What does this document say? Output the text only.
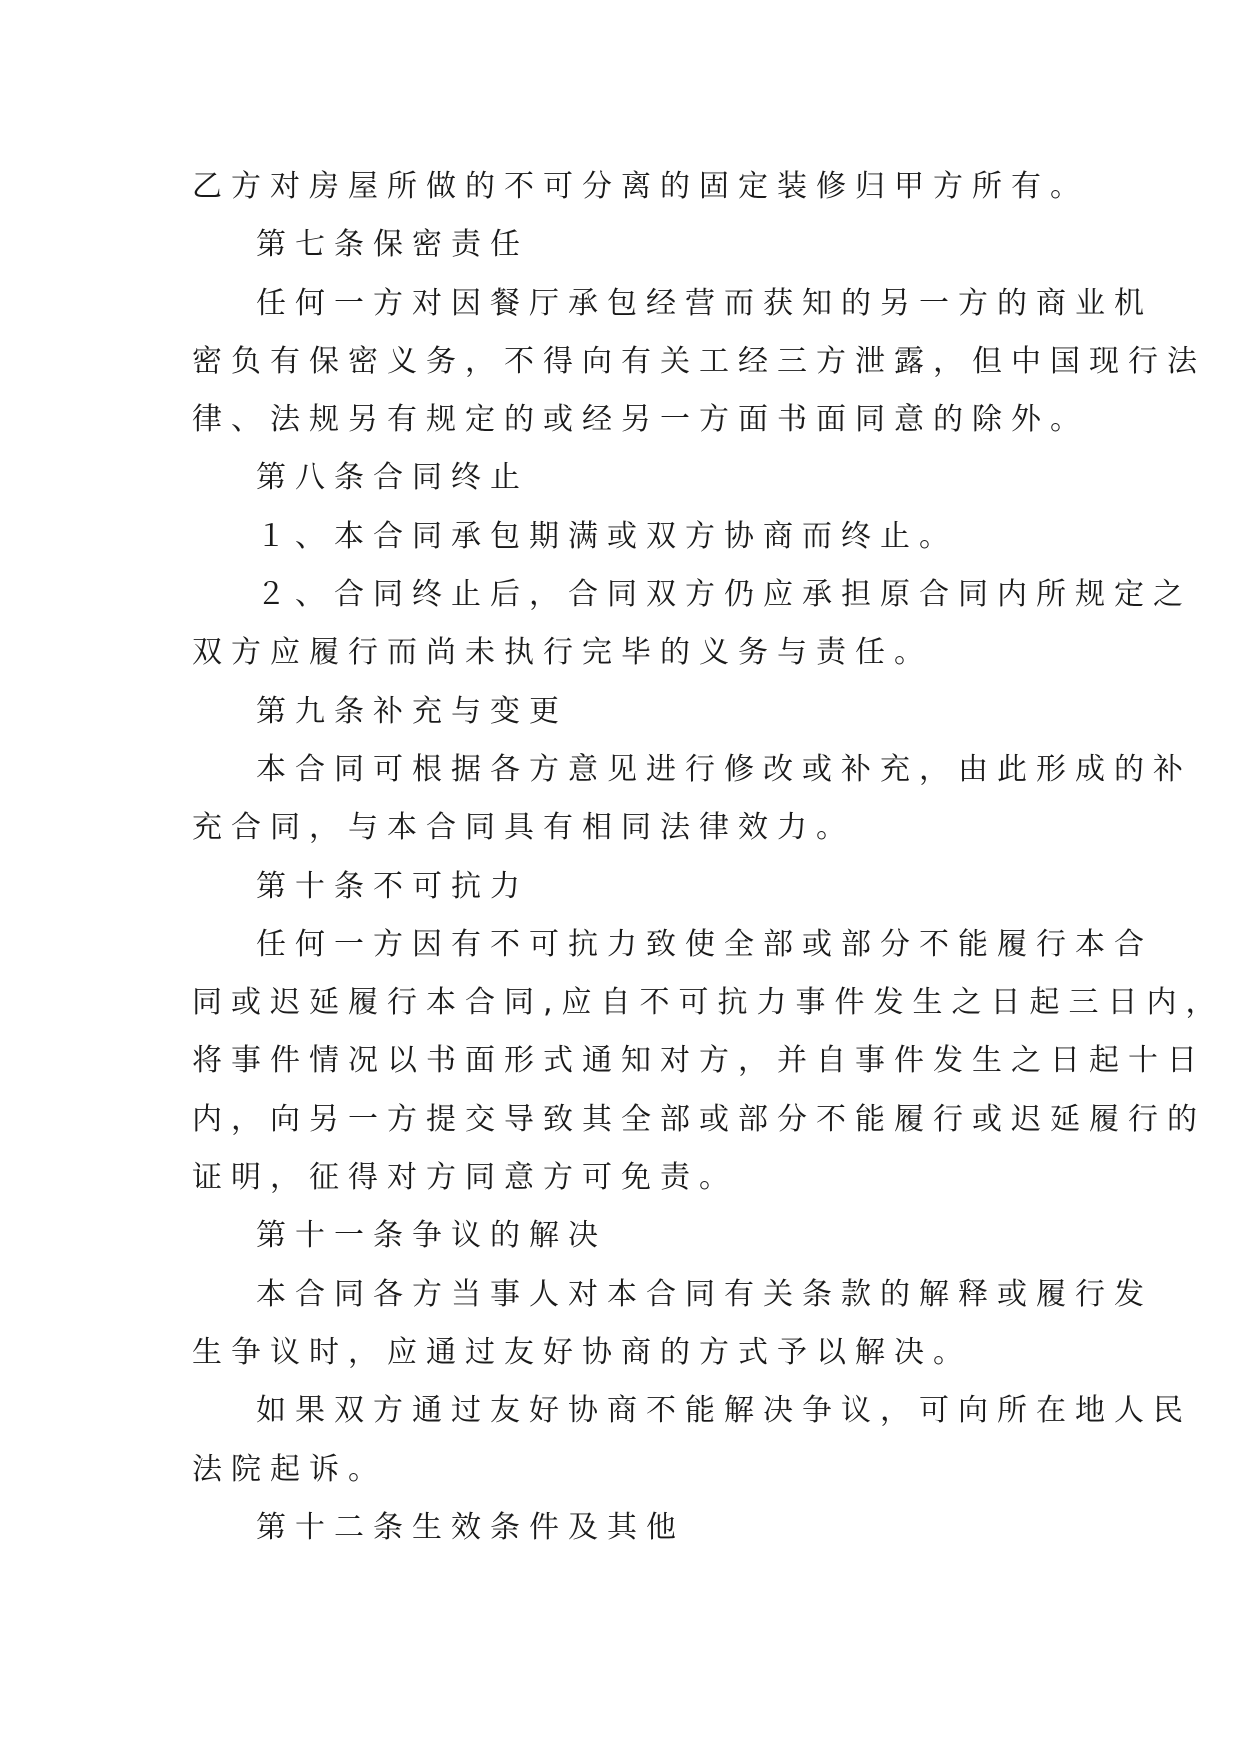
乙方对房屋所做的不可分离的固定装修归甲方所有。
第七条保密责任
任何一方对因餐厅承包经营而获知的另一方的商业机
密负有保密义务，不得向有关工经三方泄露，但中国现行法
律、法规另有规定的或经另一方面书面同意的除外。
第八条合同终止
１、本合同承包期满或双方协商而终止。
２、合同终止后，合同双方仍应承担原合同内所规定之
双方应履行而尚未执行完毕的义务与责任。
第九条补充与变更
本合同可根据各方意见进行修改或补充，由此形成的补
充合同，与本合同具有相同法律效力。
第十条不可抗力
任何一方因有不可抗力致使全部或部分不能履行本合
同或迟延履行本合同,应自不可抗力事件发生之日起三日内，
将事件情况以书面形式通知对方，并自事件发生之日起十日
内，向另一方提交导致其全部或部分不能履行或迟延履行的
证明，征得对方同意方可免责。
第十一条争议的解决
本合同各方当事人对本合同有关条款的解释或履行发
生争议时，应通过友好协商的方式予以解决。
如果双方通过友好协商不能解决争议，可向所在地人民
法院起诉。
第十二条生效条件及其他
